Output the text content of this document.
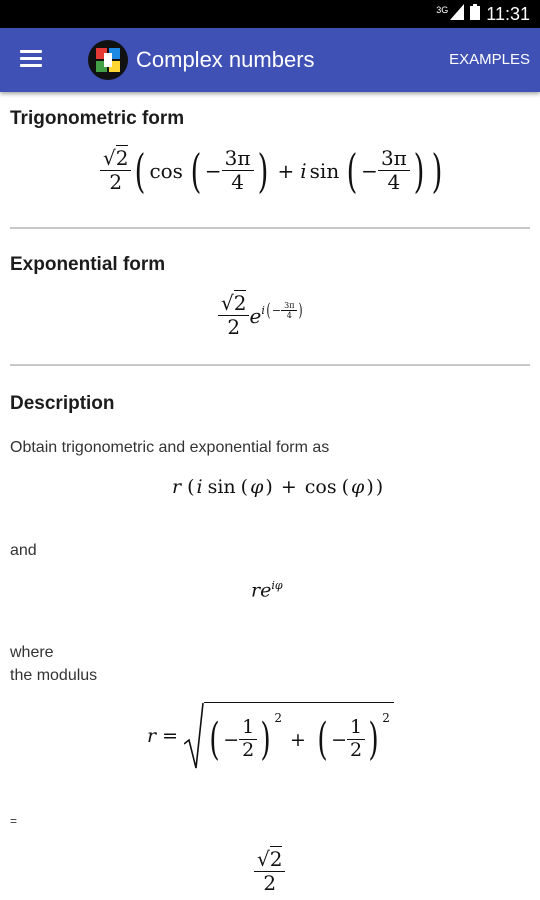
3G 11:31
Complex numbers	EXAMPLES
Trigonometric form
$\frac{√2}{2}$ ( cos ( − $\frac{3\pi}{4}$ ) + i sin ( − $\frac{3\pi}{4}$ ) )
Exponential form
$\frac{√2}{2}$ e i ( − $\frac{3\pi}{4}$ )
Description
Obtain trigonometric and exponential form as
r ( i sin ( φ ) + cos ( φ ) )
and
$re^{i\varphi}$
where
the modulus
r = ( − $\frac{1}{2}$ ) $^2$
+ ( − $\frac{1}{2}$ ) $^2$
=
$\frac{√2}{2}$
